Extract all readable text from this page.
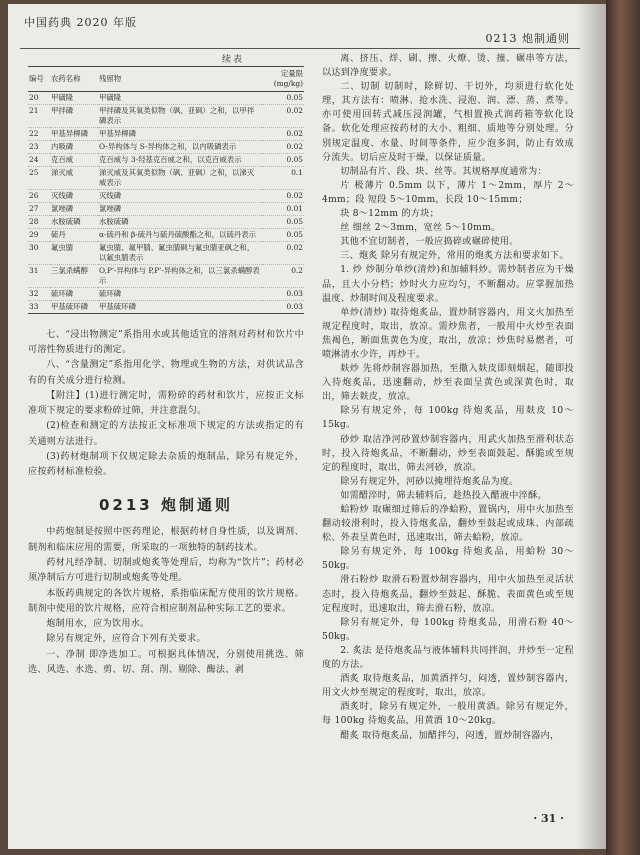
中国药典 2020 年版
0213 炮制通则
续表
编号	农药名称	残留物	定量限(mg/kg)
20	甲磺隆	甲磺隆	0.05
21	甲拌磷	甲拌磷及其氧类似物（砜、亚砜）之和，以甲拌磷表示	0.02
22	甲基异柳磷	甲基异柳磷	0.02
23	内吸磷	O-异构体与 S-异构体之和，以内吸磷表示	0.02
24	克百威	克百威与 3-羟基克百威之和，以克百威表示	0.05
25	涕灭威	涕灭威及其氧类似物（砜、亚砜）之和，以涕灭威表示	0.1
26	灭线磷	灭线磷	0.02
27	氯唑磷	氯唑磷	0.01
28	水胺硫磷	水胺硫磷	0.05
29	硫丹	α-硫丹和 β-硫丹与硫丹硫酸酯之和，以硫丹表示	0.05
30	氟虫腈	氟虫腈、氟甲腈、氟虫腈砜与氟虫腈亚砜之和，以氟虫腈表示	0.02
31	三氯杀螨醇	O,P'-异构体与 P,P'-异构体之和，以三氯杀螨醇表示	0.2
32	硫环磷	硫环磷	0.03
33	甲基硫环磷	甲基硫环磷	0.03

七、“浸出物测定”系指用水或其他适宜的溶剂对药材和饮片中可溶性物质进行的测定。

八、“含量测定”系指用化学、物理或生物的方法，对供试品含有的有关成分进行检测。

【附注】(1)进行测定时，需粉碎的药材和饮片，应按正文标准项下规定的要求粉碎过筛，并注意混匀。

(2)检查和测定的方法按正文标准项下规定的方法或指定的有关通则方法进行。

(3)药材炮制项下仅规定除去杂质的炮制品，除另有规定外，应按药材标准检验。

0213 炮制通则

中药炮制是按照中医药理论，根据药材自身性质，以及调剂、制剂和临床应用的需要，所采取的一项独特的制药技术。

药材凡经净制、切制或炮炙等处理后，均称为“饮片”；药材必须净制后方可进行切制或炮炙等处理。

本版药典规定的各饮片规格，系指临床配方使用的饮片规格。制剂中使用的饮片规格，应符合相应制剂品种实际工艺的要求。

炮制用水，应为饮用水。

除另有规定外，应符合下列有关要求。

一、净制 即净选加工。可根据具体情况，分别使用挑选、筛选、风选、水选、剪、切、刮、削、剔除、酶法、剥

离、挤压、烊、刷、擦、火燎、烫、撞、碾串等方法，以达到净度要求。

二、切制 切制时，除鲜切、干切外，均须进行软化处理，其方法有：喷淋、抢水洗、浸泡、润、漂、蒸、煮等。亦可使用回转式减压浸润罐，气相置换式润药箱等软化设备。软化处理应按药材的大小、粗细、质地等分别处理。分别规定温度、水量、时间等条件，应少泡多润，防止有效成分流失。切后应及时干燥，以保证质量。

切制品有片、段、块、丝等。其规格厚度通常为：

片 极薄片 0.5mm 以下，薄片 1～2mm，厚片 2～4mm；段 短段 5～10mm，长段 10～15mm；

块 8～12mm 的方块；

丝 细丝 2～3mm，宽丝 5～10mm。

其他不宜切制者，一般应捣碎或碾碎使用。

三、炮炙 除另有规定外，常用的炮炙方法和要求如下。

1. 炒 炒制分单炒(清炒)和加辅料炒。需炒制者应为干燥品，且大小分档；炒时火力应均匀，不断翻动。应掌握加热温度、炒制时间及程度要求。

单炒(清炒) 取待炮炙品，置炒制容器内，用文火加热至规定程度时，取出，放凉。需炒焦者，一般用中火炒至表面焦褐色，断面焦黄色为度，取出，放凉；炒焦时易燃者，可喷淋清水少许，再炒干。

麸炒 先将炒制容器加热，至撒入麸皮即刻烟起，随即投入待炮炙品，迅速翻动，炒至表面呈黄色或深黄色时，取出，筛去麸皮，放凉。

除另有规定外，每 100kg 待炮炙品，用麸皮 10～15kg。

砂炒 取洁净河砂置炒制容器内，用武火加热至滑利状态时，投入待炮炙品，不断翻动，炒至表面鼓起、酥脆或至规定的程度时，取出，筛去河砂，放凉。

除另有规定外，河砂以掩埋待炮炙品为度。

如需醋淬时，筛去辅料后，趁热投入醋液中淬酥。

蛤粉炒 取碾细过筛后的净蛤粉，置锅内，用中火加热至翻动较滑利时，投入待炮炙品，翻炒至鼓起或成珠、内部疏松、外表呈黄色时，迅速取出，筛去蛤粉，放凉。

除另有规定外，每 100kg 待炮炙品，用蛤粉 30～50kg。

滑石粉炒 取滑石粉置炒制容器内，用中火加热至灵活状态时，投入待炮炙品，翻炒至鼓起、酥脆、表面黄色或至规定程度时，迅速取出，筛去滑石粉，放凉。

除另有规定外，每 100kg 待炮炙品，用滑石粉 40～50kg。

2. 炙法 是待炮炙品与液体辅料共同拌润，并炒至一定程度的方法。

酒炙 取待炮炙品，加黄酒拌匀，闷透，置炒制容器内，用文火炒至规定的程度时，取出，放凉。

酒炙时，除另有规定外，一般用黄酒。除另有规定外，每 100kg 待炮炙品，用黄酒 10～20kg。

醋炙 取待炮炙品，加醋拌匀，闷透，置炒制容器内，

· 31 ·
